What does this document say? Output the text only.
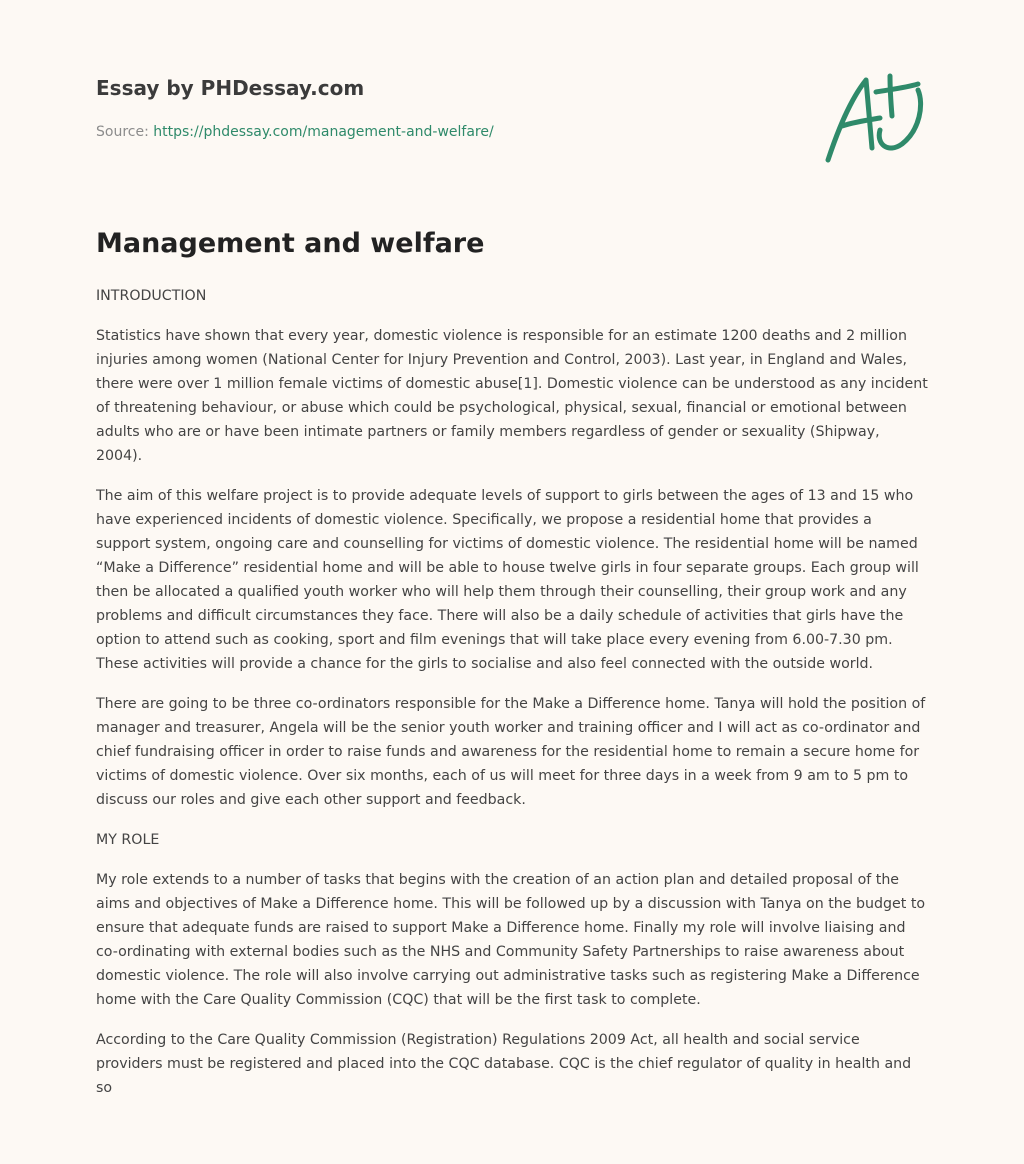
Essay by PHDessay.com
Source: https://phdessay.com/management-and-welfare/
Management and welfare

INTRODUCTION

Statistics have shown that every year, domestic violence is responsible for an estimate 1200 deaths and 2 million injuries among women (National Center for Injury Prevention and Control, 2003). Last year, in England and Wales, there were over 1 million female victims of domestic abuse[1]. Domestic violence can be understood as any incident of threatening behaviour, or abuse which could be psychological, physical, sexual, financial or emotional between adults who are or have been intimate partners or family members regardless of gender or sexuality (Shipway, 2004).

The aim of this welfare project is to provide adequate levels of support to girls between the ages of 13 and 15 who have experienced incidents of domestic violence. Specifically, we propose a residential home that provides a support system, ongoing care and counselling for victims of domestic violence. The residential home will be named “Make a Difference” residential home and will be able to house twelve girls in four separate groups. Each group will then be allocated a qualified youth worker who will help them through their counselling, their group work and any problems and difficult circumstances they face. There will also be a daily schedule of activities that girls have the option to attend such as cooking, sport and film evenings that will take place every evening from 6.00-7.30 pm. These activities will provide a chance for the girls to socialise and also feel connected with the outside world.

There are going to be three co-ordinators responsible for the Make a Difference home. Tanya will hold the position of manager and treasurer, Angela will be the senior youth worker and training officer and I will act as co-ordinator and chief fundraising officer in order to raise funds and awareness for the residential home to remain a secure home for victims of domestic violence. Over six months, each of us will meet for three days in a week from 9 am to 5 pm to discuss our roles and give each other support and feedback.

MY ROLE

My role extends to a number of tasks that begins with the creation of an action plan and detailed proposal of the aims and objectives of Make a Difference home. This will be followed up by a discussion with Tanya on the budget to ensure that adequate funds are raised to support Make a Difference home. Finally my role will involve liaising and co-ordinating with external bodies such as the NHS and Community Safety Partnerships to raise awareness about domestic violence. The role will also involve carrying out administrative tasks such as registering Make a Difference home with the Care Quality Commission (CQC) that will be the first task to complete.

According to the Care Quality Commission (Registration) Regulations 2009 Act, all health and social service providers must be registered and placed into the CQC database. CQC is the chief regulator of quality in health and so
